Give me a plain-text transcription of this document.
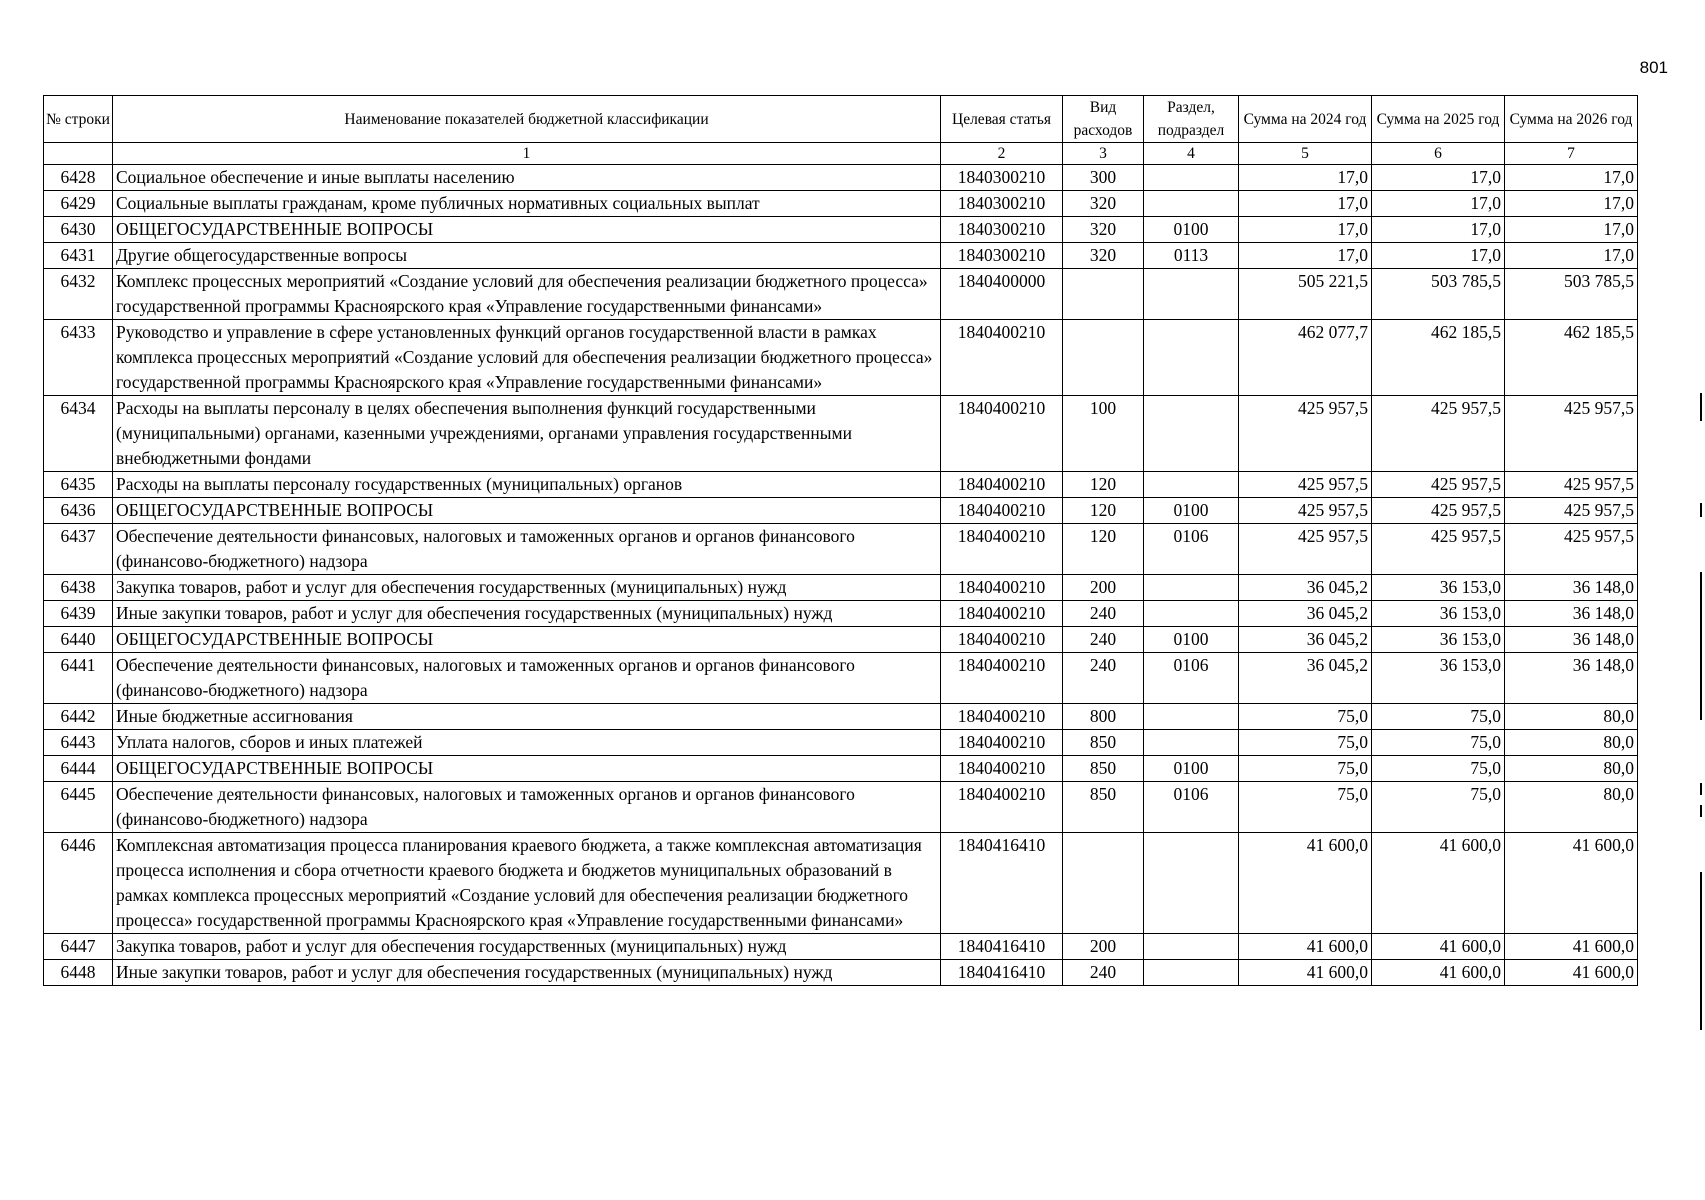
801
№ строки	Наименование показателей бюджетной классификации	Целевая статья	Вид расходов	Раздел, подраздел	Сумма на 2024 год	Сумма на 2025 год	Сумма на 2026 год
	1	2	3	4	5	6	7
6428	Социальное обеспечение и иные выплаты населению	1840300210	300		17,0	17,0	17,0
6429	Социальные выплаты гражданам, кроме публичных нормативных социальных выплат	1840300210	320		17,0	17,0	17,0
6430	ОБЩЕГОСУДАРСТВЕННЫЕ ВОПРОСЫ	1840300210	320	0100	17,0	17,0	17,0
6431	Другие общегосударственные вопросы	1840300210	320	0113	17,0	17,0	17,0
6432	Комплекс процессных мероприятий «Создание условий для обеспечения реализации бюджетного процесса» государственной программы Красноярского края «Управление государственными финансами»	1840400000			505 221,5	503 785,5	503 785,5
6433	Руководство и управление в сфере установленных функций органов государственной власти в рамках комплекса процессных мероприятий «Создание условий для обеспечения реализации бюджетного процесса» государственной программы Красноярского края «Управление государственными финансами»	1840400210			462 077,7	462 185,5	462 185,5
6434	Расходы на выплаты персоналу в целях обеспечения выполнения функций государственными (муниципальными) органами, казенными учреждениями, органами управления государственными внебюджетными фондами	1840400210	100		425 957,5	425 957,5	425 957,5
6435	Расходы на выплаты персоналу государственных (муниципальных) органов	1840400210	120		425 957,5	425 957,5	425 957,5
6436	ОБЩЕГОСУДАРСТВЕННЫЕ ВОПРОСЫ	1840400210	120	0100	425 957,5	425 957,5	425 957,5
6437	Обеспечение деятельности финансовых, налоговых и таможенных органов и органов финансового (финансово-бюджетного) надзора	1840400210	120	0106	425 957,5	425 957,5	425 957,5
6438	Закупка товаров, работ и услуг для обеспечения государственных (муниципальных) нужд	1840400210	200		36 045,2	36 153,0	36 148,0
6439	Иные закупки товаров, работ и услуг для обеспечения государственных (муниципальных) нужд	1840400210	240		36 045,2	36 153,0	36 148,0
6440	ОБЩЕГОСУДАРСТВЕННЫЕ ВОПРОСЫ	1840400210	240	0100	36 045,2	36 153,0	36 148,0
6441	Обеспечение деятельности финансовых, налоговых и таможенных органов и органов финансового (финансово-бюджетного) надзора	1840400210	240	0106	36 045,2	36 153,0	36 148,0
6442	Иные бюджетные ассигнования	1840400210	800		75,0	75,0	80,0
6443	Уплата налогов, сборов и иных платежей	1840400210	850		75,0	75,0	80,0
6444	ОБЩЕГОСУДАРСТВЕННЫЕ ВОПРОСЫ	1840400210	850	0100	75,0	75,0	80,0
6445	Обеспечение деятельности финансовых, налоговых и таможенных органов и органов финансового (финансово-бюджетного) надзора	1840400210	850	0106	75,0	75,0	80,0
6446	Комплексная автоматизация процесса планирования краевого бюджета, а также комплексная автоматизация процесса исполнения и сбора отчетности краевого бюджета и бюджетов муниципальных образований в рамках комплекса процессных мероприятий «Создание условий для обеспечения реализации бюджетного процесса» государственной программы Красноярского края «Управление государственными финансами»	1840416410			41 600,0	41 600,0	41 600,0
6447	Закупка товаров, работ и услуг для обеспечения государственных (муниципальных) нужд	1840416410	200		41 600,0	41 600,0	41 600,0
6448	Иные закупки товаров, работ и услуг для обеспечения государственных (муниципальных) нужд	1840416410	240		41 600,0	41 600,0	41 600,0
